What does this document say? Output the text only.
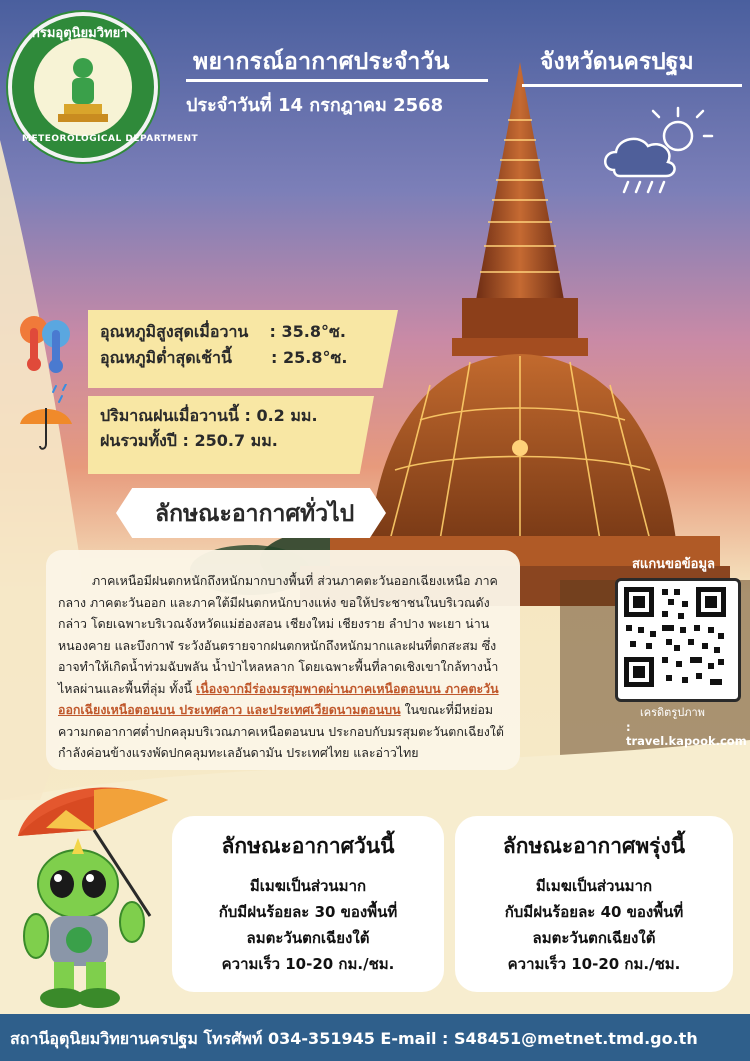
กรมอุตุนิยมวิทยา
METEOROLOGICAL DEPARTMENT
พยากรณ์อากาศประจำวัน
ประจำวันที่ 14 กรกฎาคม 2568
จังหวัดนครปฐม
อุณหภูมิสูงสุดเมื่อวาน : 35.8°ซ.
อุณหภูมิต่ำสุดเช้านี้ : 25.8°ซ.
ปริมาณฝนเมื่อวานนี้ : 0.2 มม.
ฝนรวมทั้งปี : 250.7 มม.
ลักษณะอากาศทั่วไป
ภาคเหนือมีฝนตกหนักถึงหนักมากบางพื้นที่ ส่วนภาคตะวันออกเฉียงเหนือ ภาคกลาง ภาคตะวันออก และภาคใต้มีฝนตกหนักบางแห่ง ขอให้ประชาชนในบริเวณดังกล่าว โดยเฉพาะบริเวณจังหวัดแม่ฮ่องสอน เชียงใหม่ เชียงราย ลำปาง พะเยา น่าน หนองคาย และบึงกาฬ ระวังอันตรายจากฝนตกหนักถึงหนักมากและฝนที่ตกสะสม ซึ่งอาจทำให้เกิดน้ำท่วมฉับพลัน น้ำป่าไหลหลาก โดยเฉพาะพื้นที่ลาดเชิงเขาใกล้ทางน้ำไหลผ่านและพื้นที่ลุ่ม ทั้งนี้ เนื่องจากมีร่องมรสุมพาดผ่านภาคเหนือตอนบน ภาคตะวันออกเฉียงเหนือตอนบน ประเทศลาว และประเทศเวียดนามตอนบน ในขณะที่มีหย่อมความกดอากาศต่ำปกคลุมบริเวณภาคเหนือตอนบน ประกอบกับมรสุมตะวันตกเฉียงใต้กำลังค่อนข้างแรงพัดปกคลุมทะเลอันดามัน ประเทศไทย และอ่าวไทย
สแกนขอข้อมูล
เครดิตรูปภาพ
: travel.kapook.com
ลักษณะอากาศวันนี้
มีเมฆเป็นส่วนมาก
กับมีฝนร้อยละ 30 ของพื้นที่
ลมตะวันตกเฉียงใต้
ความเร็ว 10-20 กม./ชม.
ลักษณะอากาศพรุ่งนี้
มีเมฆเป็นส่วนมาก
กับมีฝนร้อยละ 40 ของพื้นที่
ลมตะวันตกเฉียงใต้
ความเร็ว 10-20 กม./ชม.
สถานีอุตุนิยมวิทยานครปฐม โทรศัพท์ 034-351945 E-mail : S48451@metnet.tmd.go.th
